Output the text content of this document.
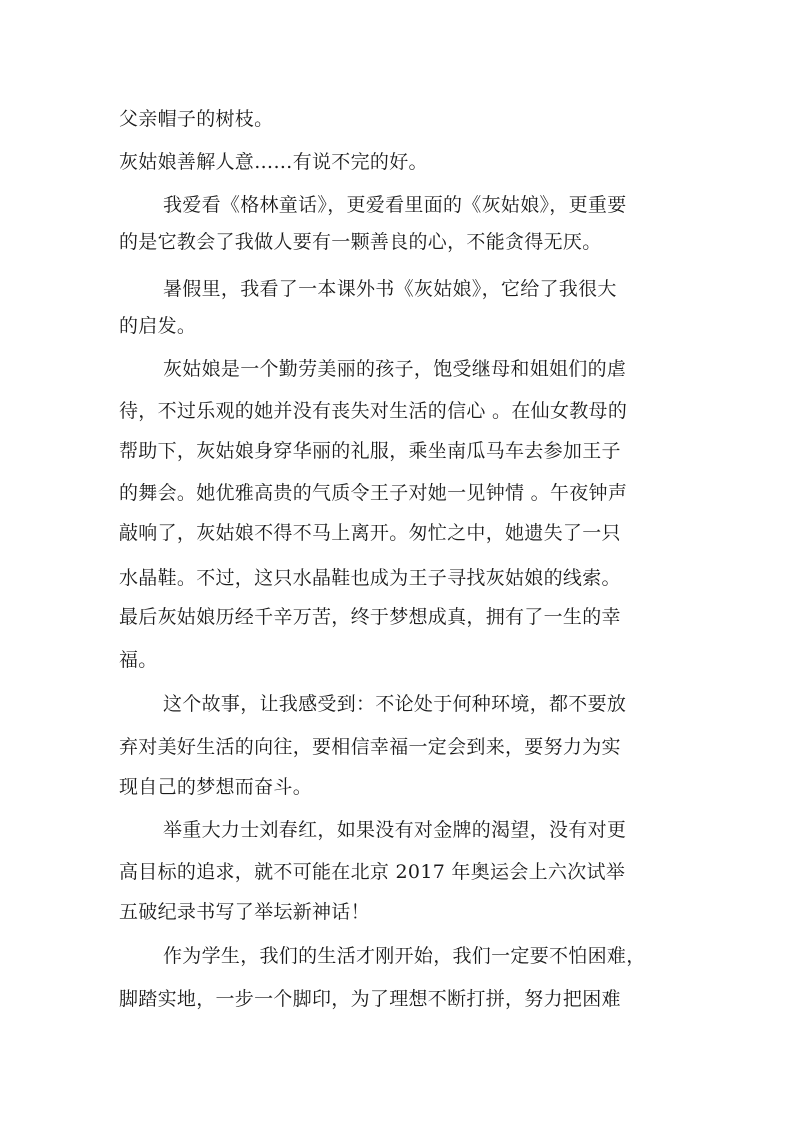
父亲帽子的树枝。
灰姑娘善解人意……有说不完的好。
我爱看《格林童话》，更爱看里面的《灰姑娘》，更重要
的是它教会了我做人要有一颗善良的心，不能贪得无厌。
暑假里，我看了一本课外书《灰姑娘》，它给了我很大
的启发。
灰姑娘是一个勤劳美丽的孩子，饱受继母和姐姐们的虐
待，不过乐观的她并没有丧失对生活的信心 。在仙女教母的
帮助下，灰姑娘身穿华丽的礼服，乘坐南瓜马车去参加王子
的舞会。她优雅高贵的气质令王子对她一见钟情 。午夜钟声
敲响了，灰姑娘不得不马上离开。匆忙之中，她遗失了一只
水晶鞋。不过，这只水晶鞋也成为王子寻找灰姑娘的线索。
最后灰姑娘历经千辛万苦，终于梦想成真，拥有了一生的幸
福。
这个故事，让我感受到：不论处于何种环境，都不要放
弃对美好生活的向往，要相信幸福一定会到来，要努力为实
现自己的梦想而奋斗。
举重大力士刘春红，如果没有对金牌的渴望，没有对更
高目标的追求，就不可能在北京 2017 年奥运会上六次试举
五破纪录书写了举坛新神话！
作为学生，我们的生活才刚开始，我们一定要不怕困难，
脚踏实地，一步一个脚印，为了理想不断打拼，努力把困难
